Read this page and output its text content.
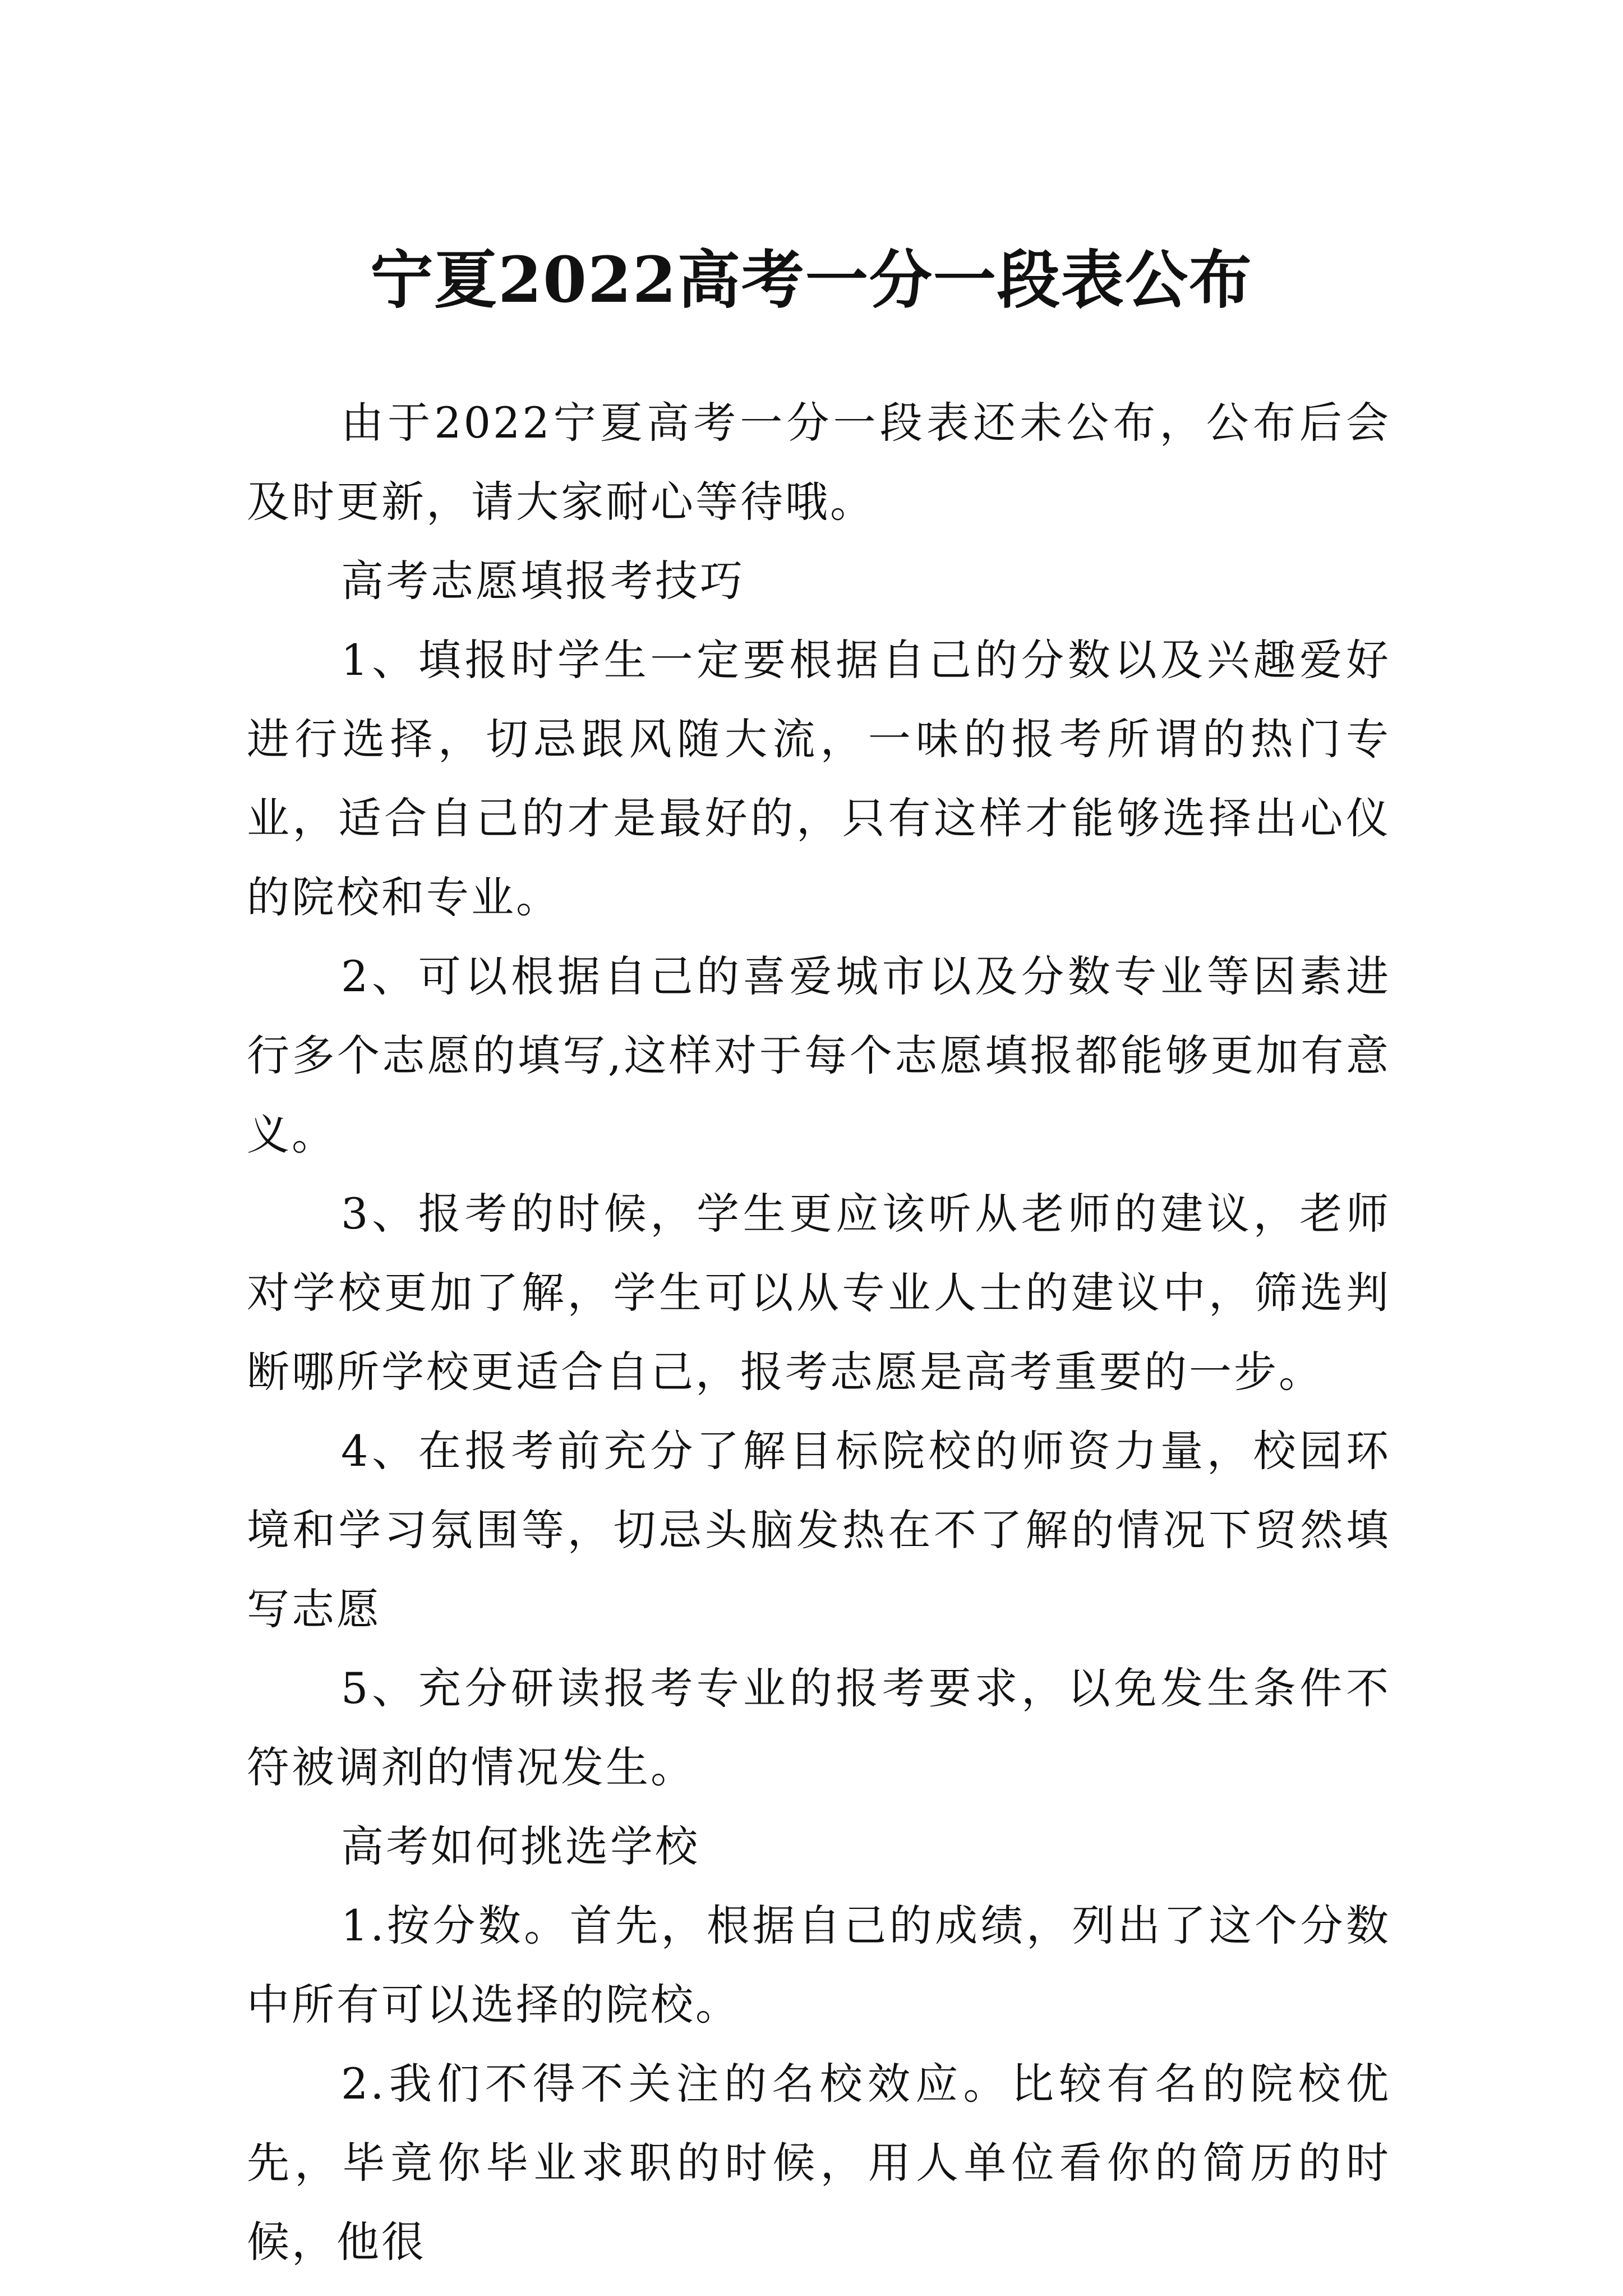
宁夏2022高考一分一段表公布

由于2022宁夏高考一分一段表还未公布，公布后会及时更新，请大家耐心等待哦。

高考志愿填报考技巧

1、填报时学生一定要根据自己的分数以及兴趣爱好进行选择，切忌跟风随大流，一味的报考所谓的热门专业，适合自己的才是最好的，只有这样才能够选择出心仪的院校和专业。

2、可以根据自己的喜爱城市以及分数专业等因素进行多个志愿的填写,这样对于每个志愿填报都能够更加有意义。

3、报考的时候，学生更应该听从老师的建议，老师对学校更加了解，学生可以从专业人士的建议中，筛选判断哪所学校更适合自己，报考志愿是高考重要的一步。

4、在报考前充分了解目标院校的师资力量，校园环境和学习氛围等，切忌头脑发热在不了解的情况下贸然填写志愿

5、充分研读报考专业的报考要求，以免发生条件不符被调剂的情况发生。

高考如何挑选学校

1.按分数。首先，根据自己的成绩，列出了这个分数中所有可以选择的院校。

2.我们不得不关注的名校效应。比较有名的院校优先，毕竟你毕业求职的时候，用人单位看你的简历的时候，他很
